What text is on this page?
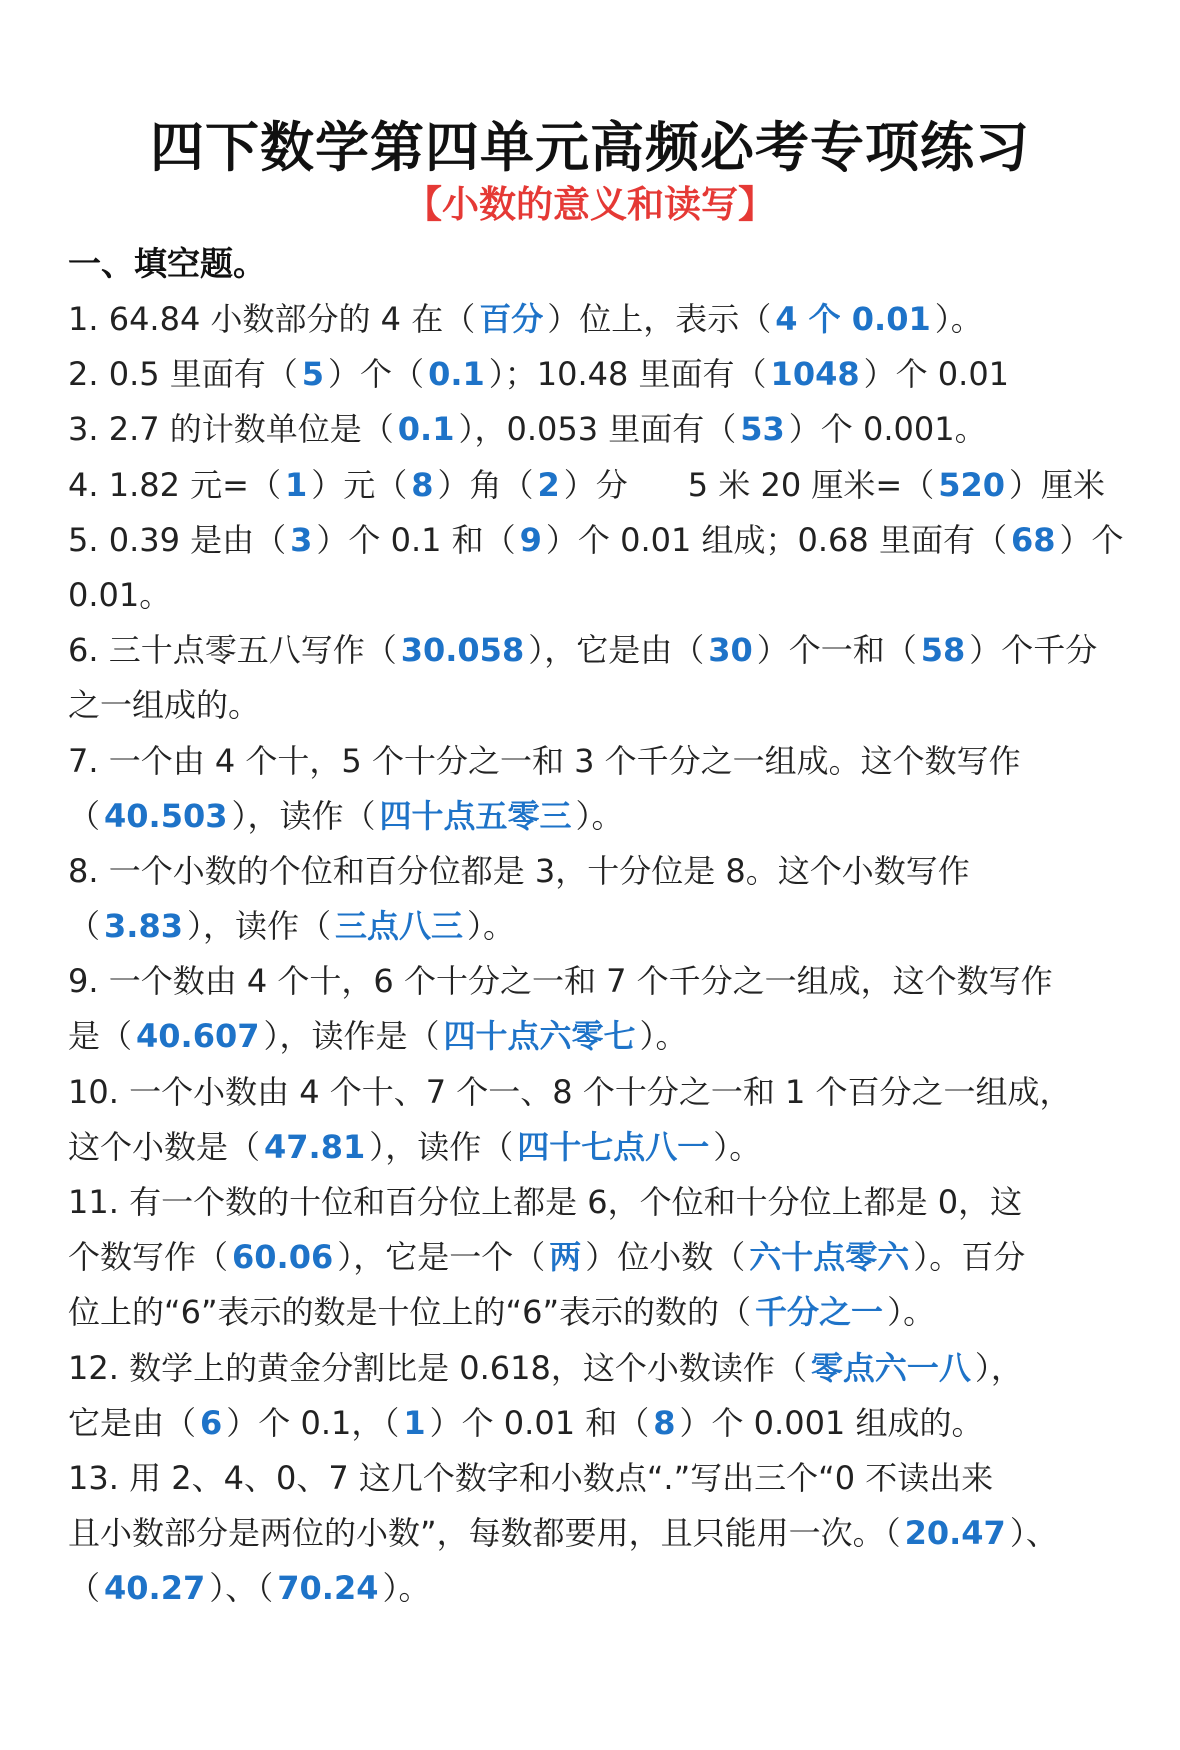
四下数学第四单元高频必考专项练习
【小数的意义和读写】
一、填空题。
1. 64.84 小数部分的 4 在（ 百分 ）位上，表示（ 4 个 0.01 ）。
2. 0.5 里面有（ 5 ）个（ 0.1 ）；10.48 里面有（ 1048 ）个 0.01
3. 2.7 的计数单位是（ 0.1 ），0.053 里面有（ 53 ）个 0.001。
4. 1.82 元=（ 1 ）元（ 8 ）角（ 2 ）分 5 米 20 厘米=（ 520 ）厘米
5. 0.39 是由（ 3 ）个 0.1 和（ 9 ）个 0.01 组成；0.68 里面有（ 68 ）个
0.01。
6. 三十点零五八写作（ 30.058 ），它是由（ 30 ）个一和（ 58 ）个千分
之一组成的。
7. 一个由 4 个十，5 个十分之一和 3 个千分之一组成。这个数写作
（ 40.503 ），读作（ 四十点五零三 ）。
8. 一个小数的个位和百分位都是 3，十分位是 8。这个小数写作
（ 3.83 ），读作（ 三点八三 ）。
9. 一个数由 4 个十，6 个十分之一和 7 个千分之一组成，这个数写作
是（ 40.607 ），读作是（ 四十点六零七 ）。
10. 一个小数由 4 个十、7 个一、8 个十分之一和 1 个百分之一组成，
这个小数是（ 47.81 ），读作（ 四十七点八一 ）。
11. 有一个数的十位和百分位上都是 6，个位和十分位上都是 0，这
个数写作（ 60.06 ），它是一个（ 两 ）位小数（ 六十点零六 ）。百分
位上的“6”表示的数是十位上的“6”表示的数的（ 千分之一 ）。
12. 数学上的黄金分割比是 0.618，这个小数读作（ 零点六一八 ），
它是由（ 6 ）个 0.1，（ 1 ）个 0.01 和（ 8 ）个 0.001 组成的。
13. 用 2、4、0、7 这几个数字和小数点“.”写出三个“0 不读出来
且小数部分是两位的小数”，每数都要用，且只能用一次。（ 20.47 ）、
（ 40.27 ）、（ 70.24 ）。
